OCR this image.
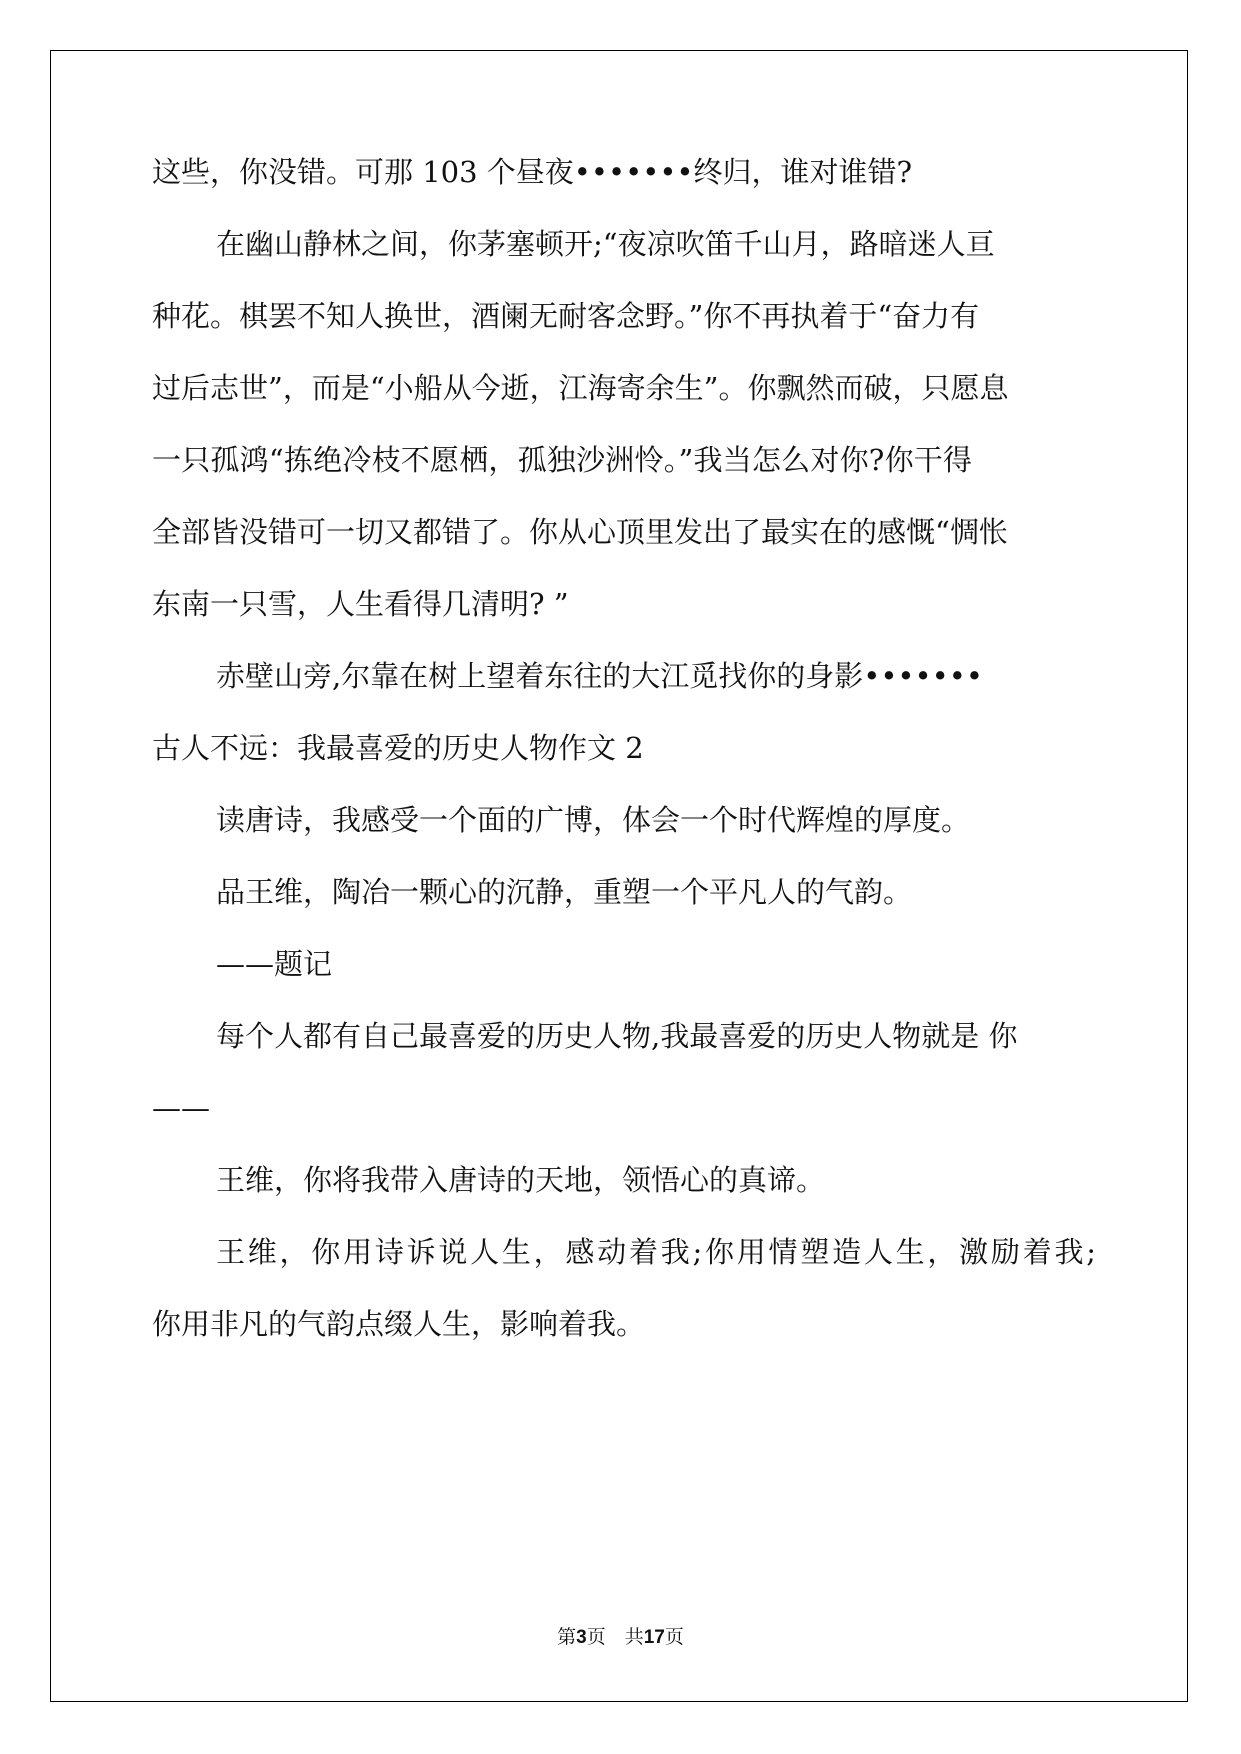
这些，你没错。可那 103 个昼夜•••••••终归，谁对谁错?

在幽山静林之间，你茅塞顿开;“夜凉吹笛千山月，路暗迷人亘

种花。棋罢不知人换世，酒阑无耐客念野。”你不再执着于“奋力有

过后志世”，而是“小船从今逝，江海寄余生”。你飘然而破，只愿息

一只孤鸿“拣绝冷枝不愿栖，孤独沙洲怜。”我当怎么对你?你干得

全部皆没错可一切又都错了。你从心顶里发出了最实在的感慨“惆怅

东南一只雪，人生看得几清明? ”

赤壁山旁,尔靠在树上望着东往的大江觅找你的身影•••••••

古人不远：我最喜爱的历史人物作文 2

读唐诗，我感受一个面的广博，体会一个时代辉煌的厚度。

品王维，陶冶一颗心的沉静，重塑一个平凡人的气韵。

——题记

每个人都有自己最喜爱的历史人物,我最喜爱的历史人物就是 你

——

王维，你将我带入唐诗的天地，领悟心的真谛。

王维，你用诗诉说人生，感动着我;你用情塑造人生，激励着我;

你用非凡的气韵点缀人生，影响着我。

第3页　共17页
